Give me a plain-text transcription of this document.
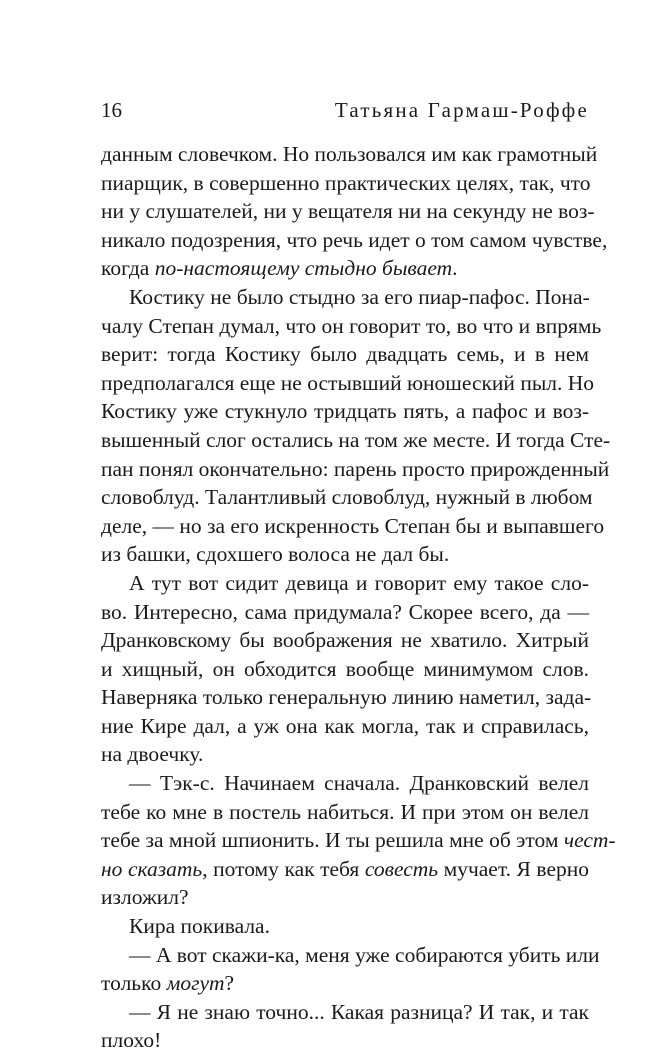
16	Татьяна Гармаш-Роффе
данным словечком. Но пользовался им как грамотный
пиарщик, в совершенно практических целях, так, что
ни у слушателей, ни у вещателя ни на секунду не воз-
никало подозрения, что речь идет о том самом чувстве,
когда по-настоящему стыдно бывает.
Костику не было стыдно за его пиар-пафос. Пона-
чалу Степан думал, что он говорит то, во что и впрямь
верит: тогда Костику было двадцать семь, и в нем
предполагался еще не остывший юношеский пыл. Но
Костику уже стукнуло тридцать пять, а пафос и воз-
вышенный слог остались на том же месте. И тогда Сте-
пан понял окончательно: парень просто прирожденный
словоблуд. Талантливый словоблуд, нужный в любом
деле, — но за его искренность Степан бы и выпавшего
из башки, сдохшего волоса не дал бы.
А тут вот сидит девица и говорит ему такое сло-
во. Интересно, сама придумала? Скорее всего, да —
Дранковскому бы воображения не хватило. Хитрый
и хищный, он обходится вообще минимумом слов.
Наверняка только генеральную линию наметил, зада-
ние Кире дал, а уж она как могла, так и справилась,
на двоечку.
— Тэк-с. Начинаем сначала. Дранковский велел
тебе ко мне в постель набиться. И при этом он велел
тебе за мной шпионить. И ты решила мне об этом чест-
но сказать, потому как тебя совесть мучает. Я верно
изложил?
Кира покивала.
— А вот скажи-ка, меня уже собираются убить или
только могут?
— Я не знаю точно... Какая разница? И так, и так
плохо!
